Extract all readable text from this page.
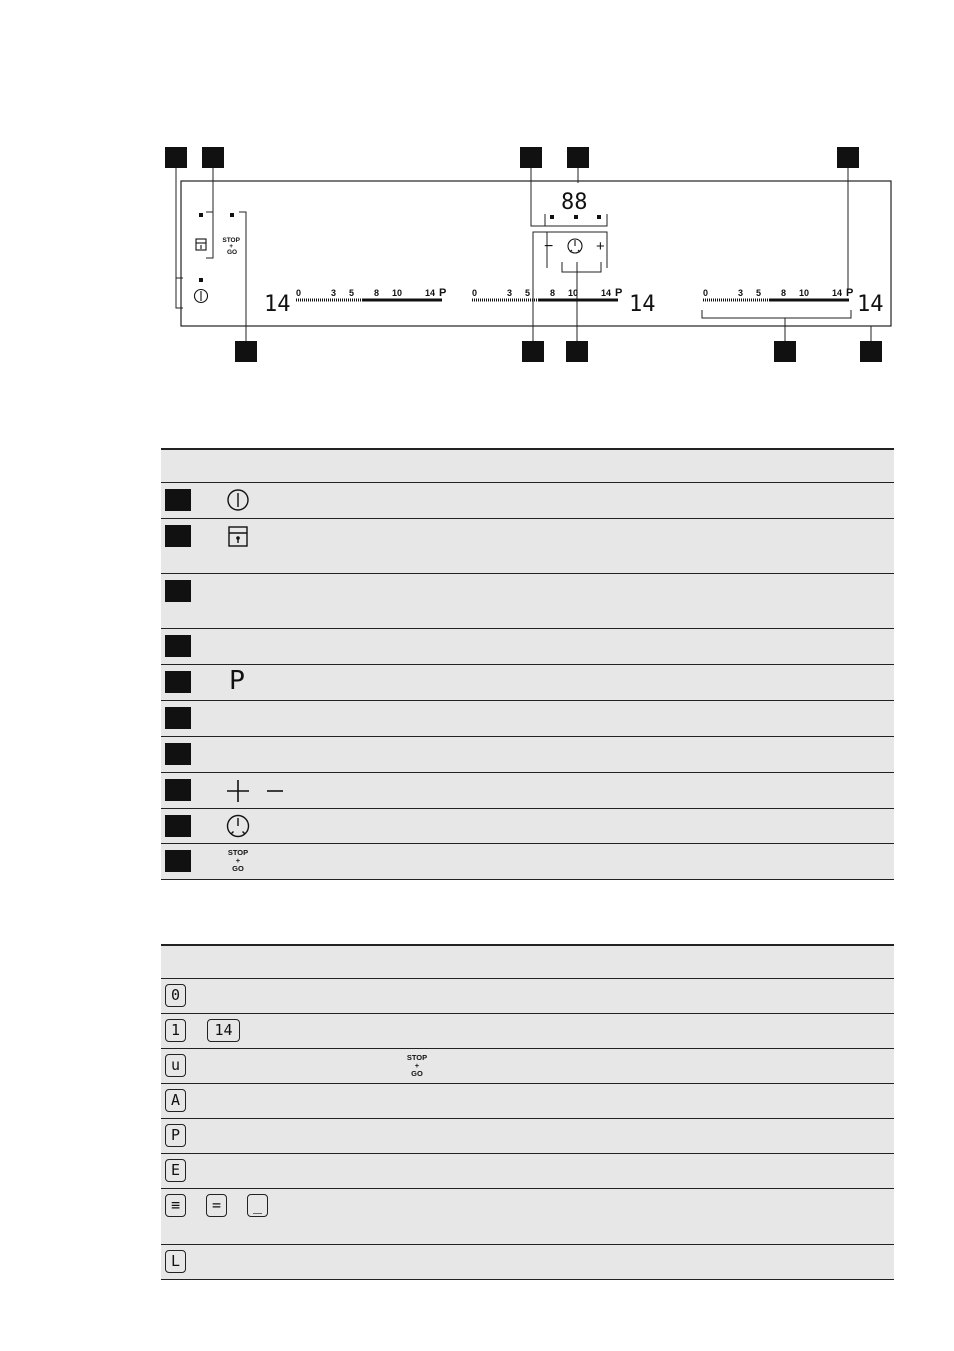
STOP + GO
88
−	+
14	14	14
0	3 5 8 10	14 P	0	3 5 8 10	14 P	0	3 5 8 10	14 P
P
STOP
+
GO
0
1	14
u	STOP
+
GO
A
P
E
≡	=	_
L
